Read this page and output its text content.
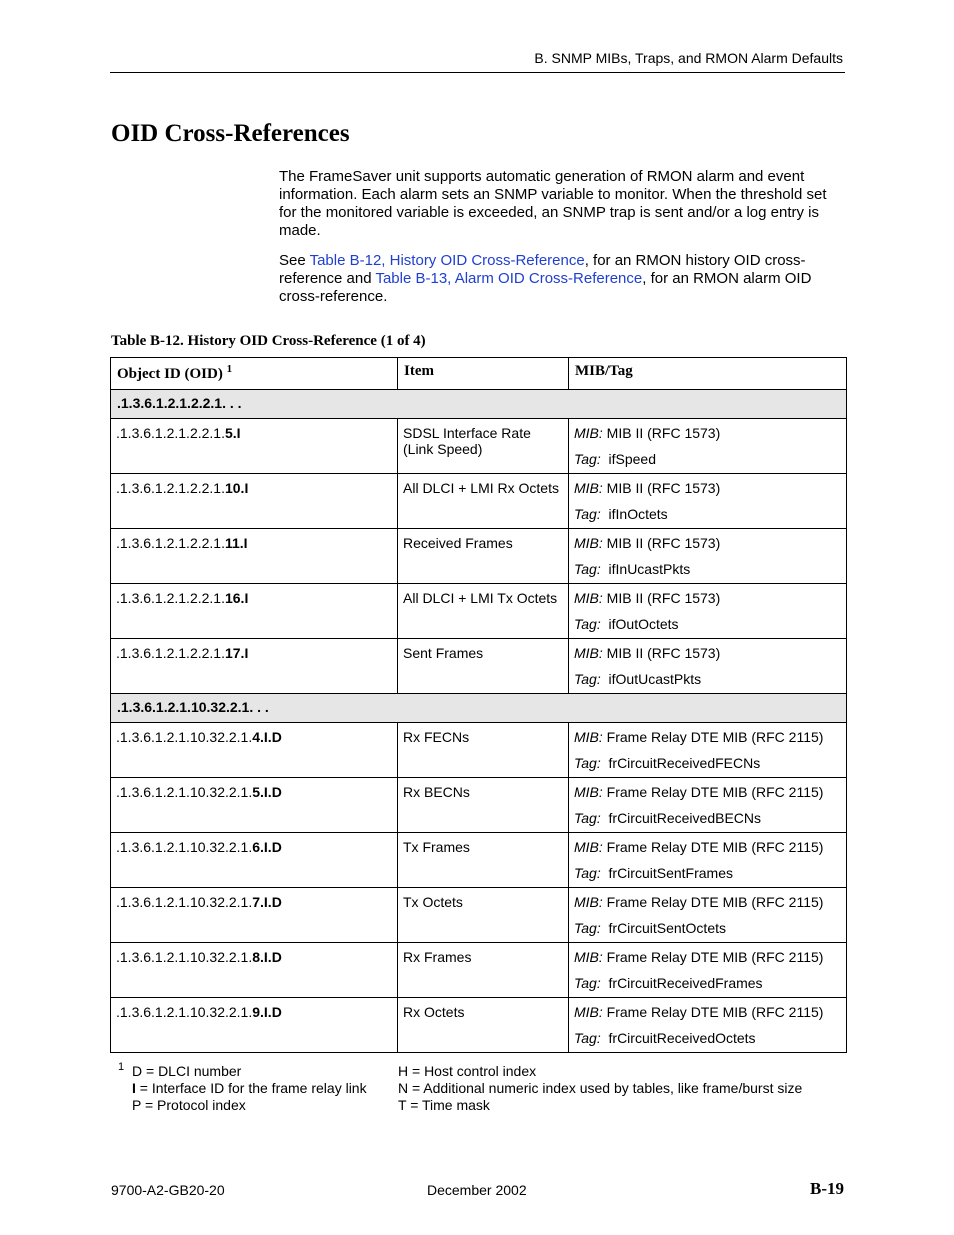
B. SNMP MIBs, Traps, and RMON Alarm Defaults
OID Cross-References

The FrameSaver unit supports automatic generation of RMON alarm and event information. Each alarm sets an SNMP variable to monitor. When the threshold set for the monitored variable is exceeded, an SNMP trap is sent and/or a log entry is made.

See Table B-12, History OID Cross-Reference, for an RMON history OID cross-reference and Table B-13, Alarm OID Cross-Reference, for an RMON alarm OID cross-reference.

Table B-12. History OID Cross-Reference (1 of 4)
Object ID (OID) $^1$	Item	MIB/Tag
.1.3.6.1.2.1.2.2.1. . .		
.1.3.6.1.2.1.2.2.1.5.I	SDSL Interface Rate (Link Speed)	MIB: MIB II (RFC 1573)
Tag: ifSpeed

.1.3.6.1.2.1.2.2.1.10.I	All DLCI + LMI Rx Octets	MIB: MIB II (RFC 1573)
Tag: ifInOctets

.1.3.6.1.2.1.2.2.1.11.I	Received Frames	MIB: MIB II (RFC 1573)
Tag: ifInUcastPkts

.1.3.6.1.2.1.2.2.1.16.I	All DLCI + LMI Tx Octets	MIB: MIB II (RFC 1573)
Tag: ifOutOctets

.1.3.6.1.2.1.2.2.1.17.I	Sent Frames	MIB: MIB II (RFC 1573)
Tag: ifOutUcastPkts

.1.3.6.1.2.1.10.32.2.1. . .		
.1.3.6.1.2.1.10.32.2.1.4.I.D	Rx FECNs	MIB: Frame Relay DTE MIB (RFC 2115)
Tag: frCircuitReceivedFECNs

.1.3.6.1.2.1.10.32.2.1.5.I.D	Rx BECNs	MIB: Frame Relay DTE MIB (RFC 2115)
Tag: frCircuitReceivedBECNs

.1.3.6.1.2.1.10.32.2.1.6.I.D	Tx Frames	MIB: Frame Relay DTE MIB (RFC 2115)
Tag: frCircuitSentFrames

.1.3.6.1.2.1.10.32.2.1.7.I.D	Tx Octets	MIB: Frame Relay DTE MIB (RFC 2115)
Tag: frCircuitSentOctets

.1.3.6.1.2.1.10.32.2.1.8.I.D	Rx Frames	MIB: Frame Relay DTE MIB (RFC 2115)
Tag: frCircuitReceivedFrames

.1.3.6.1.2.1.10.32.2.1.9.I.D	Rx Octets	MIB: Frame Relay DTE MIB (RFC 2115)
Tag: frCircuitReceivedOctets
1 D = DLCI number
I = Interface ID for the frame relay link
P = Protocol index
H = Host control index
N = Additional numeric index used by tables, like frame/burst size
T = Time mask
9700-A2-GB20-20	December 2002	B-19
